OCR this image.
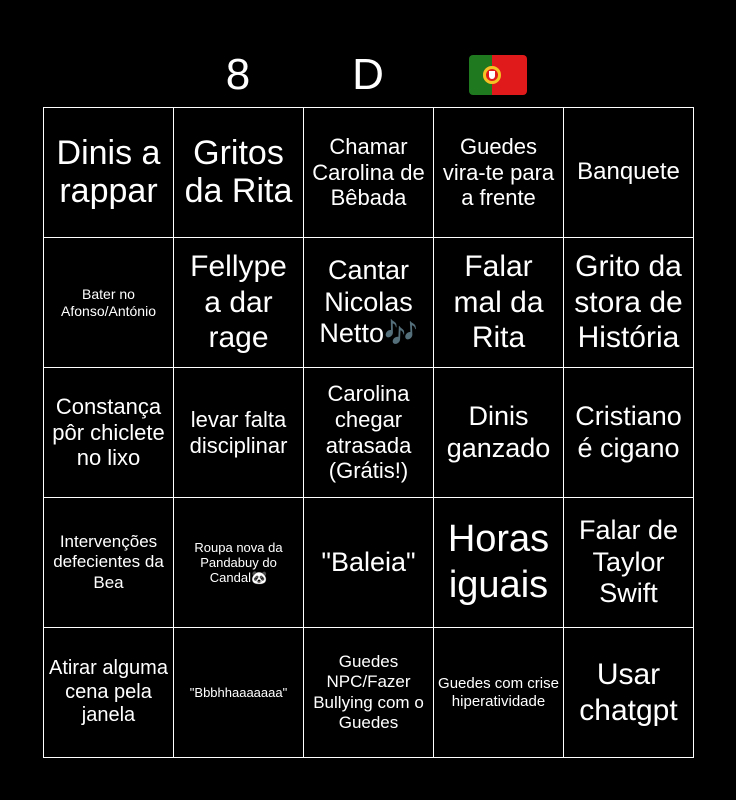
8	D
Dinis a rappar
Gritos da Rita
Chamar Carolina de Bêbada
Guedes vira-te para a frente
Banquete
Bater no Afonso/António
Fellype a dar rage
Cantar Nicolas Netto🎶
Falar mal da Rita
Grito da stora de História
Constança pôr chiclete no lixo
levar falta disciplinar
Carolina chegar atrasada (Grátis!)
Dinis ganzado
Cristiano é cigano
Intervenções defecientes da Bea
Roupa nova da Pandabuy do Candal🐼
"Baleia"
Horas iguais
Falar de Taylor Swift
Atirar alguma cena pela janela
"Bbbhhaaaaaaa"
Guedes NPC/Fazer Bullying com o Guedes
Guedes com crise hiperatividade
Usar chatgpt
